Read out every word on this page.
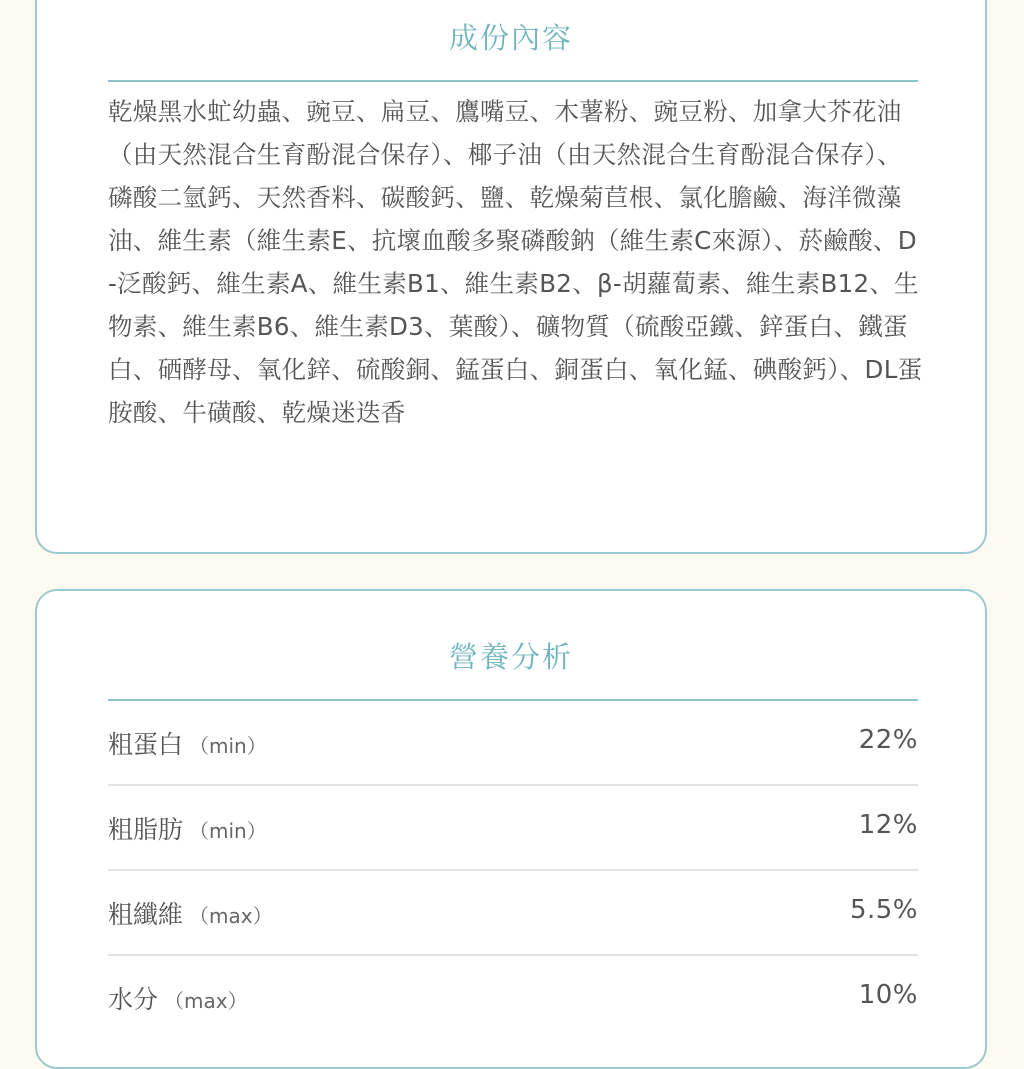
成份內容
乾燥黑水虻幼蟲、豌豆、扁豆、鷹嘴豆、木薯粉、豌豆粉、加拿大芥花油（由天然混合生育酚混合保存）、椰子油（由天然混合生育酚混合保存）、磷酸二氫鈣、天然香料、碳酸鈣、鹽、乾燥菊苣根、氯化膽鹼、海洋微藻油、維生素（維生素E、抗壞血酸多聚磷酸鈉（維生素C來源）、菸鹼酸、D-泛酸鈣、維生素A、維生素B1、維生素B2、β-胡蘿蔔素、維生素B12、生物素、維生素B6、維生素D3、葉酸）、礦物質（硫酸亞鐵、鋅蛋白、鐵蛋白、硒酵母、氧化鋅、硫酸銅、錳蛋白、銅蛋白、氧化錳、碘酸鈣）、DL蛋胺酸、牛磺酸、乾燥迷迭香
營養分析
粗蛋白 （min）	22%
粗脂肪 （min）	12%
粗纖維 （max）	5.5%
水分 （max）	10%
